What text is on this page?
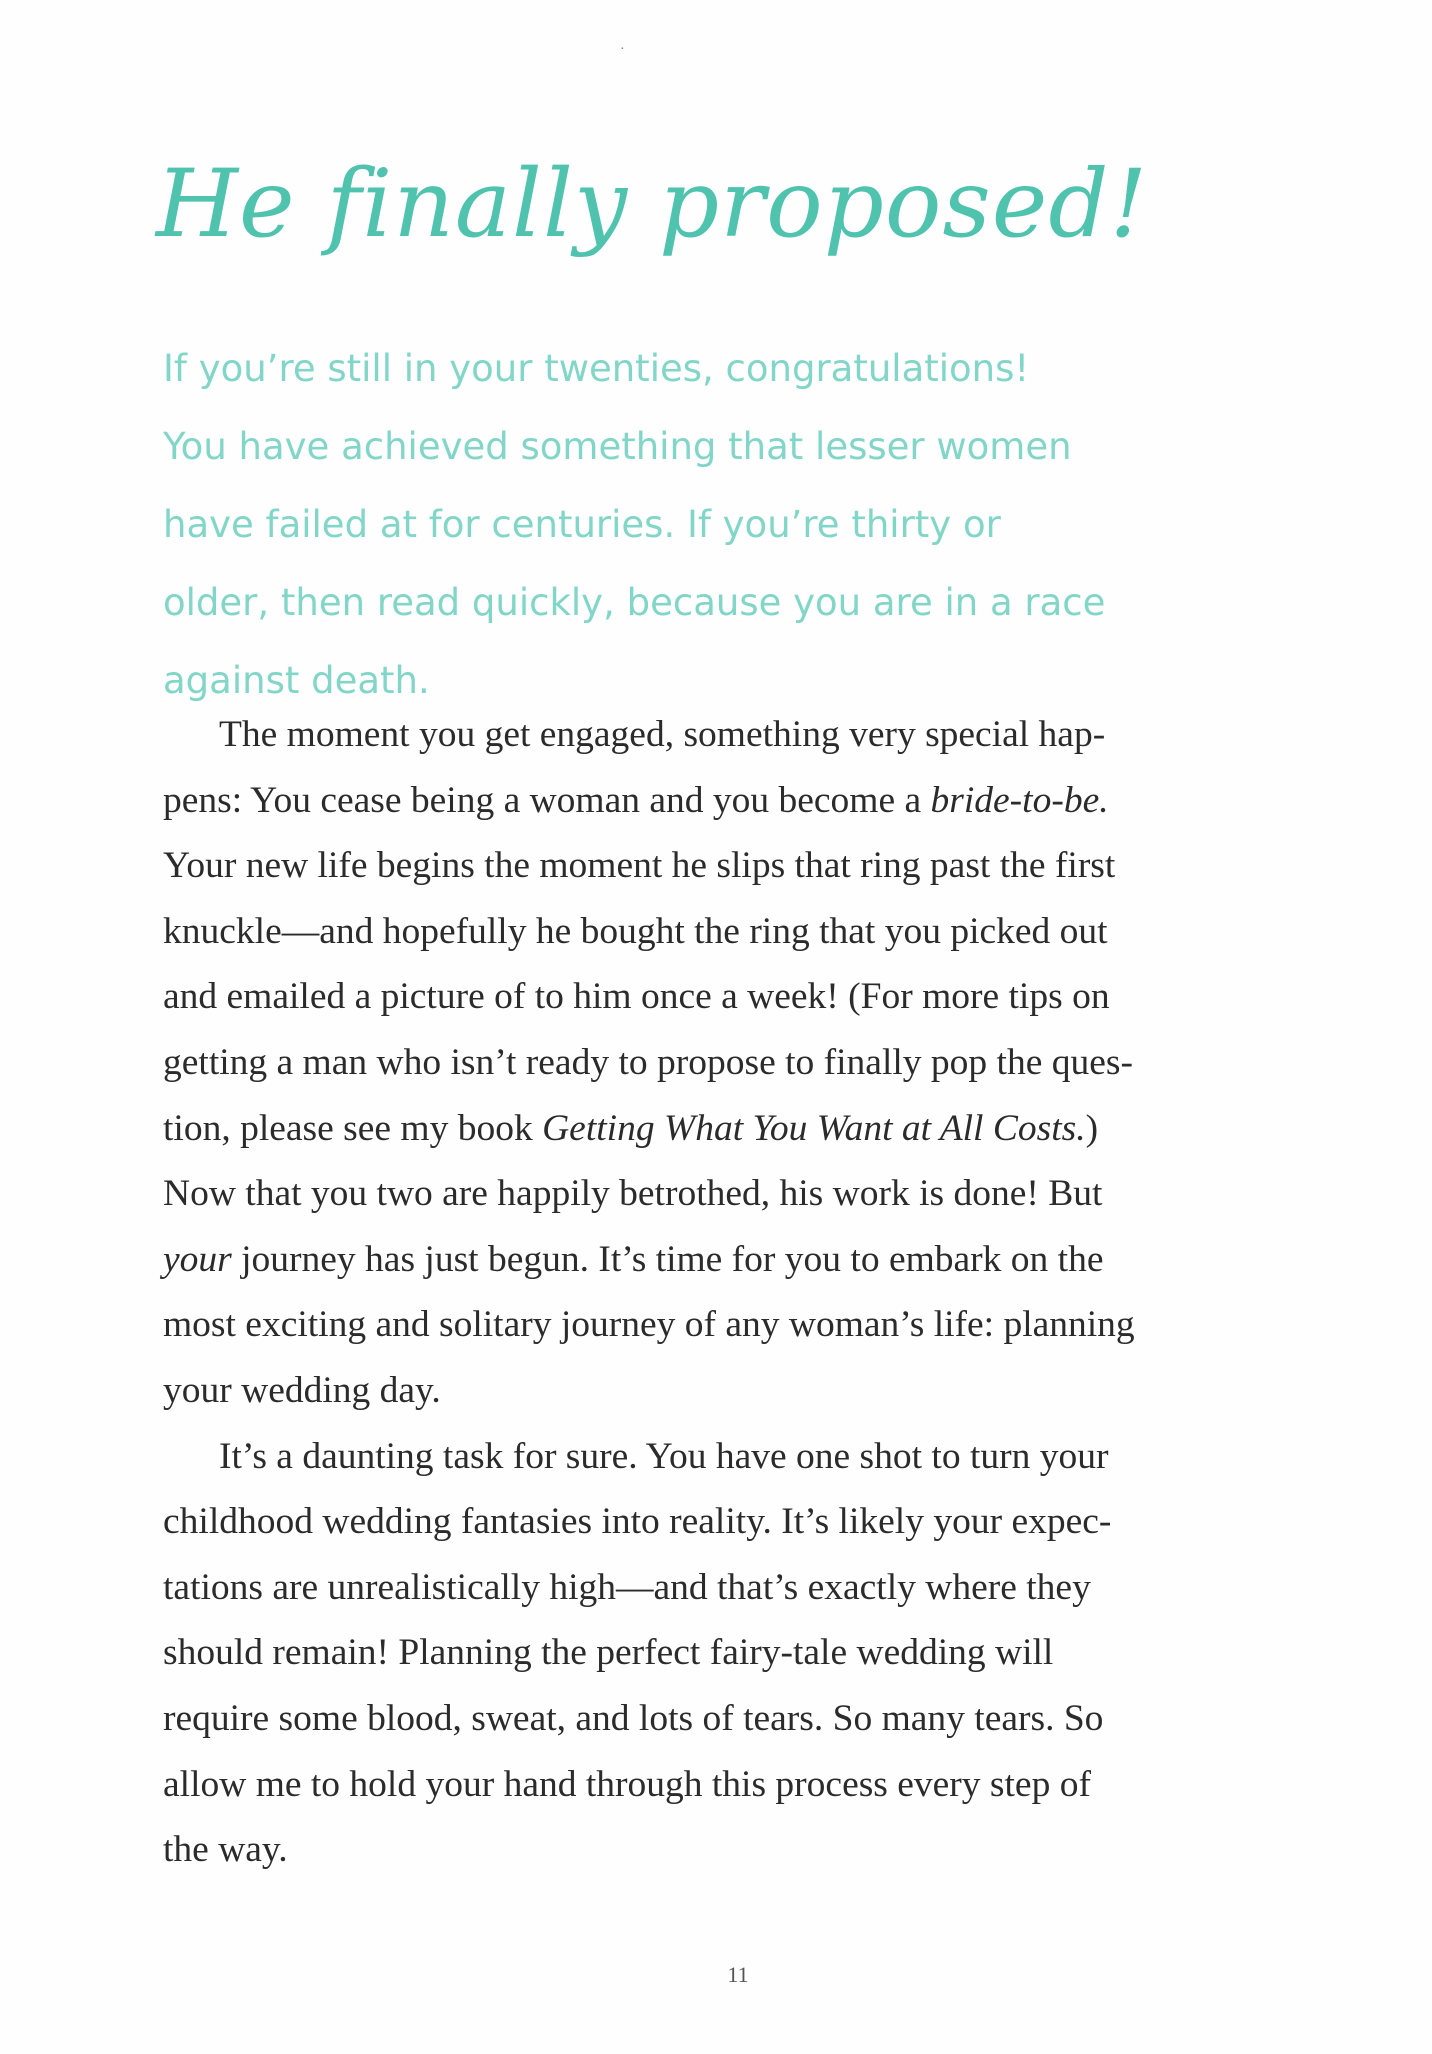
·
He finally proposed!
If you’re still in your twenties, congratulations!
You have achieved something that lesser women
have failed at for centuries. If you’re thirty or
older, then read quickly, because you are in a race
against death.
The moment you get engaged, something very special hap-
pens: You cease being a woman and you become a bride-to-be.
Your new life begins the moment he slips that ring past the first
knuckle—and hopefully he bought the ring that you picked out
and emailed a picture of to him once a week! (For more tips on
getting a man who isn’t ready to propose to finally pop the ques-
tion, please see my book Getting What You Want at All Costs.)
Now that you two are happily betrothed, his work is done! But
your journey has just begun. It’s time for you to embark on the
most exciting and solitary journey of any woman’s life: planning
your wedding day.
It’s a daunting task for sure. You have one shot to turn your
childhood wedding fantasies into reality. It’s likely your expec-
tations are unrealistically high—and that’s exactly where they
should remain! Planning the perfect fairy-tale wedding will
require some blood, sweat, and lots of tears. So many tears. So
allow me to hold your hand through this process every step of
the way.
11
